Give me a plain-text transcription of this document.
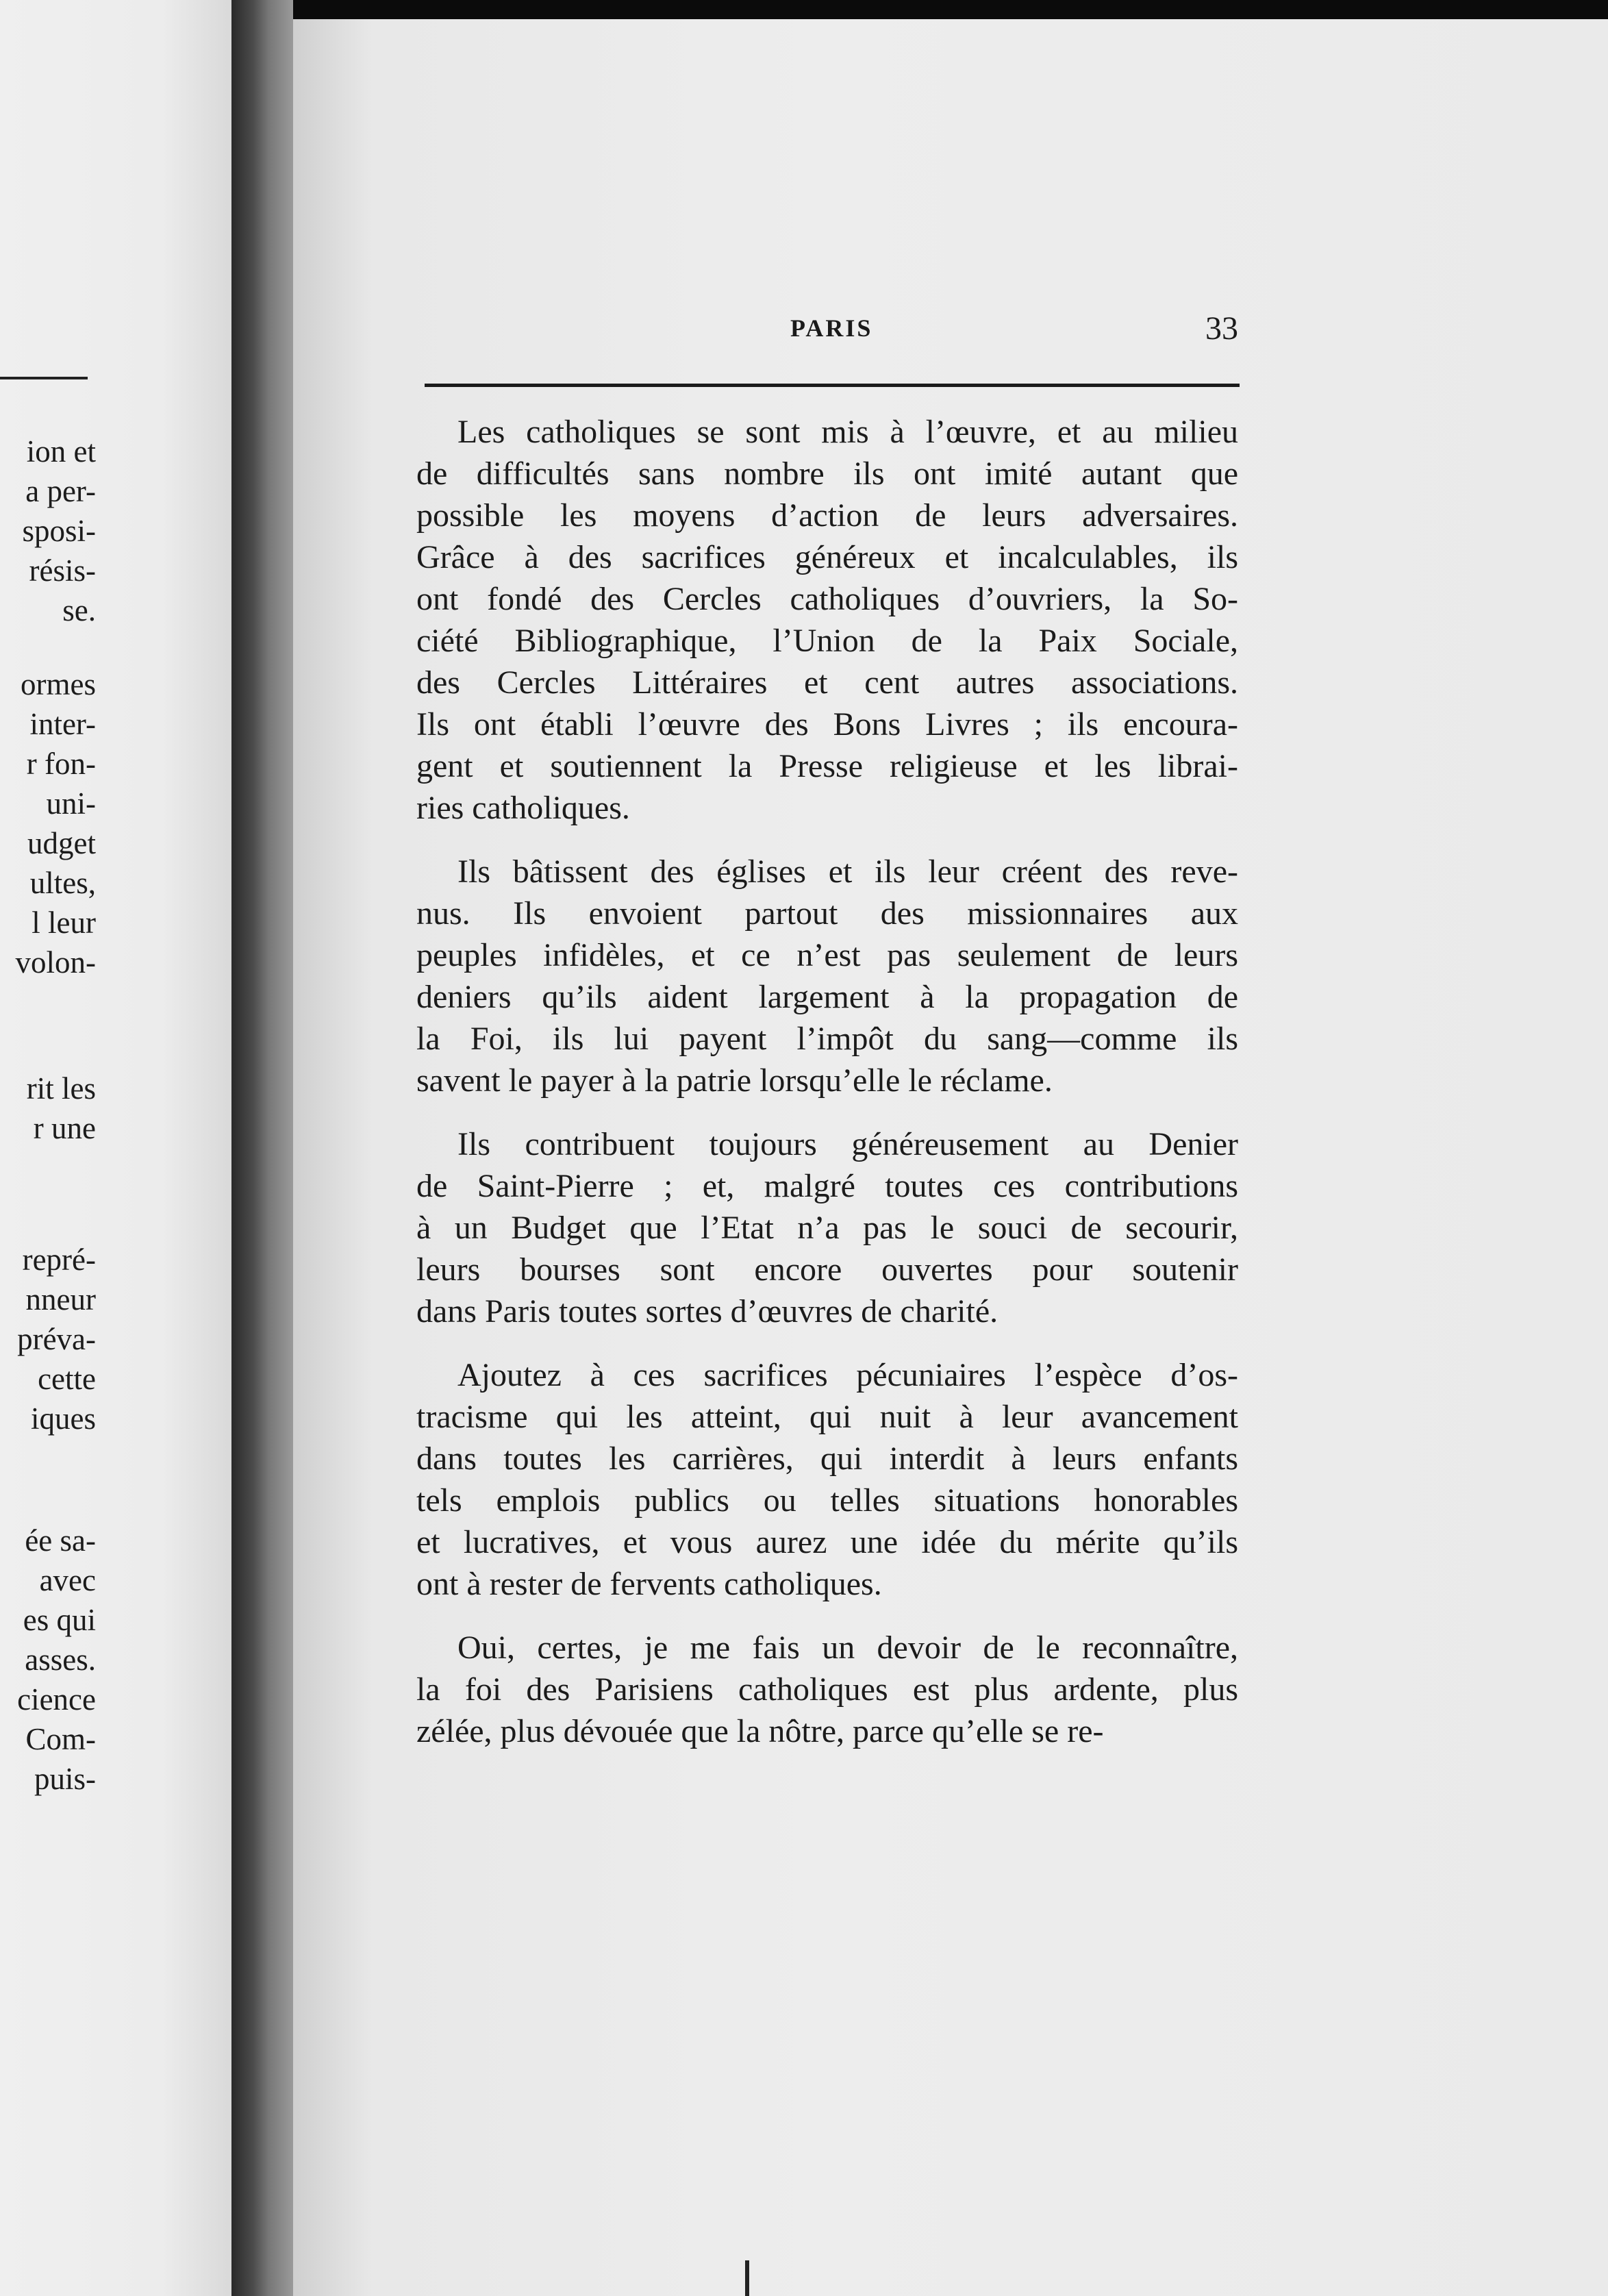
ion et
a per-
sposi-
résis-
se.
ormes
inter-
r fon-
uni-
udget
ultes,
l leur
volon-
rit les
r une
repré-
nneur
préva-
cette
iques
ée sa-
avec
es qui
asses.
cience
Com-
puis-
PARIS	33
Les catholiques se sont mis à l’œuvre, et au milieu
de difficultés sans nombre ils ont imité autant que
possible les moyens d’action de leurs adversaires.
Grâce à des sacrifices généreux et incalculables, ils
ont fondé des Cercles catholiques d’ouvriers, la So-
ciété Bibliographique, l’Union de la Paix Sociale,
des Cercles Littéraires et cent autres associations.
Ils ont établi l’œuvre des Bons Livres ; ils encoura-
gent et soutiennent la Presse religieuse et les librai-
ries catholiques.
Ils bâtissent des églises et ils leur créent des reve-
nus. Ils envoient partout des missionnaires aux
peuples infidèles, et ce n’est pas seulement de leurs
deniers qu’ils aident largement à la propagation de
la Foi, ils lui payent l’impôt du sang—comme ils
savent le payer à la patrie lorsqu’elle le réclame.
Ils contribuent toujours généreusement au Denier
de Saint-Pierre ; et, malgré toutes ces contributions
à un Budget que l’Etat n’a pas le souci de secourir,
leurs bourses sont encore ouvertes pour soutenir
dans Paris toutes sortes d’œuvres de charité.
Ajoutez à ces sacrifices pécuniaires l’espèce d’os-
tracisme qui les atteint, qui nuit à leur avancement
dans toutes les carrières, qui interdit à leurs enfants
tels emplois publics ou telles situations honorables
et lucratives, et vous aurez une idée du mérite qu’ils
ont à rester de fervents catholiques.
Oui, certes, je me fais un devoir de le reconnaître,
la foi des Parisiens catholiques est plus ardente, plus
zélée, plus dévouée que la nôtre, parce qu’elle se re-
